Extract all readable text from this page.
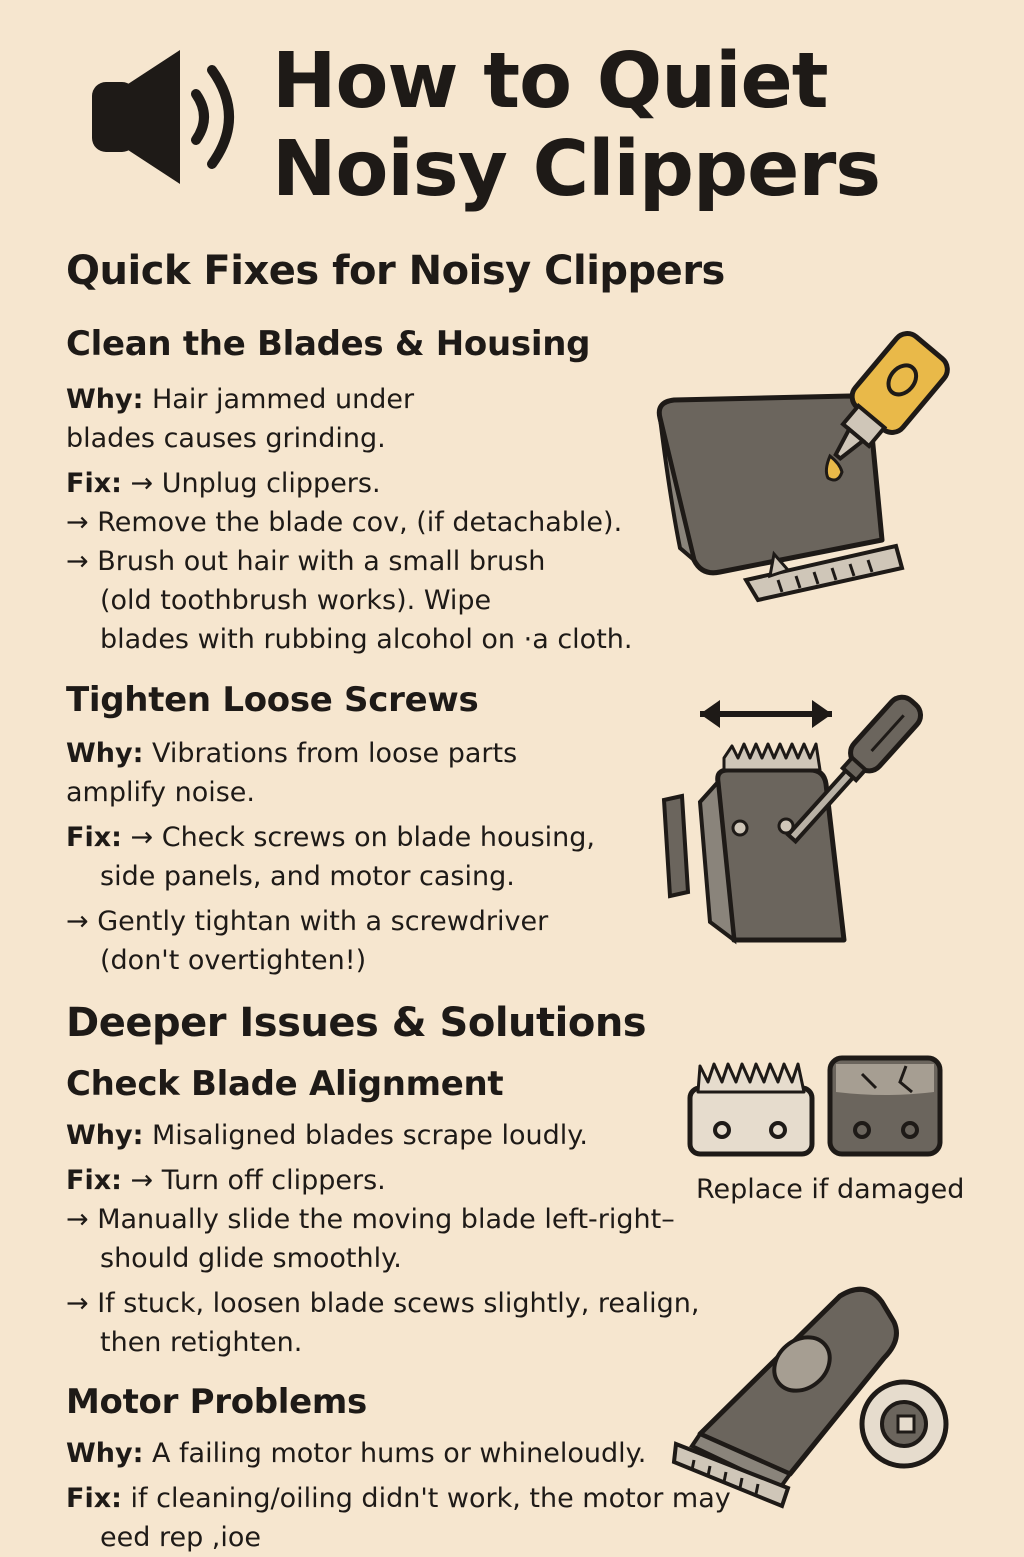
How to Quiet
Noisy Clippers
Quick Fixes for Noisy Clippers
Clean the Blades & Housing
Why: Hair jammed under
blades causes grinding.
Fix: → Unplug clippers.
→ Remove the blade cov, (if detachable).
→ Brush out hair with a small brush
(old toothbrush works). Wipe
blades with rubbing alcohol on ·a cloth.
Tighten Loose Screws
Why: Vibrations from loose parts
amplify noise.
Fix: → Check screws on blade housing,
side panels, and motor casing.
→ Gently tightan with a screwdriver
(don't overtighten!)
Deeper Issues & Solutions
Check Blade Alignment
Why: Misaligned blades scrape loudly.
Fix: → Turn off clippers.
→ Manually slide the moving blade left-right–
should glide smoothly.
→ If stuck, loosen blade scews slightly, realign,
then retighten.
Replace if damaged
Motor Problems
Why: A failing motor hums or whineloudly.
Fix: if cleaning/oiling didn't work, the motor may
eed rep ,ioe
